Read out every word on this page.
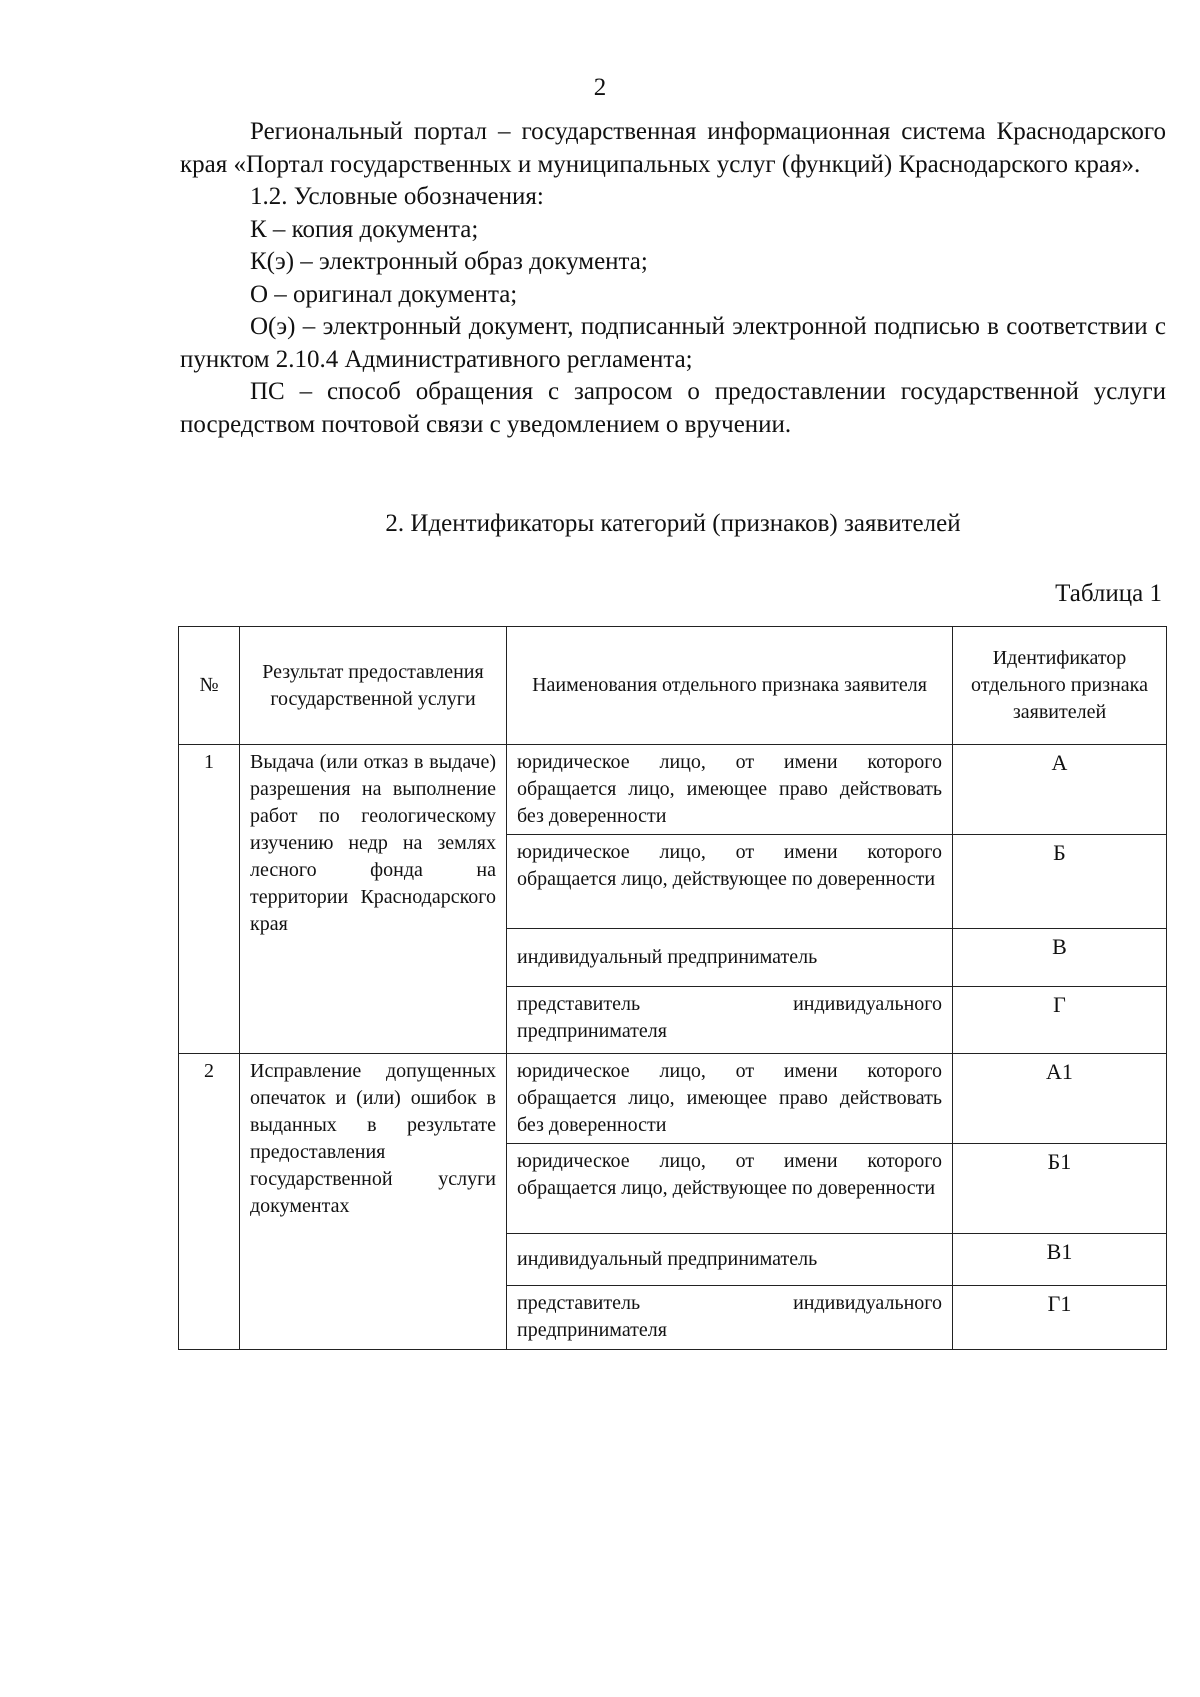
2

Региональный портал – государственная информационная система Краснодарского края «Портал государственных и муниципальных услуг (функций) Краснодарского края».

1.2. Условные обозначения:

К – копия документа;

К(э) – электронный образ документа;

О – оригинал документа;

О(э) – электронный документ, подписанный электронной подписью в соответствии с пунктом 2.10.4 Административного регламента;

ПС – способ обращения с запросом о предоставлении государственной услуги посредством почтовой связи с уведомлением о вручении.

2. Идентификаторы категорий (признаков) заявителей
Таблица 1
№	Результат предоставления государственной услуги	Наименования отдельного признака заявителя	Идентификатор отдельного признака заявителей
1	Выдача (или отказ в выдаче) разрешения на выполнение работ по геологическому изучению недр на землях лесного фонда на территории Краснодарского края	юридическое лицо, от имени которого обращается лицо, имеющее право действовать без доверенности	А
		юридическое лицо, от имени которого обращается лицо, действующее по доверенности	Б
		индивидуальный предприниматель	В
		представитель индивидуального предпринимателя	Г
2	Исправление допущенных опечаток и (или) ошибок в выданных в результате предоставления государственной услуги документах	юридическое лицо, от имени которого обращается лицо, имеющее право действовать без доверенности	А1
		юридическое лицо, от имени которого обращается лицо, действующее по доверенности	Б1
		индивидуальный предприниматель	В1
		представитель индивидуального предпринимателя	Г1
